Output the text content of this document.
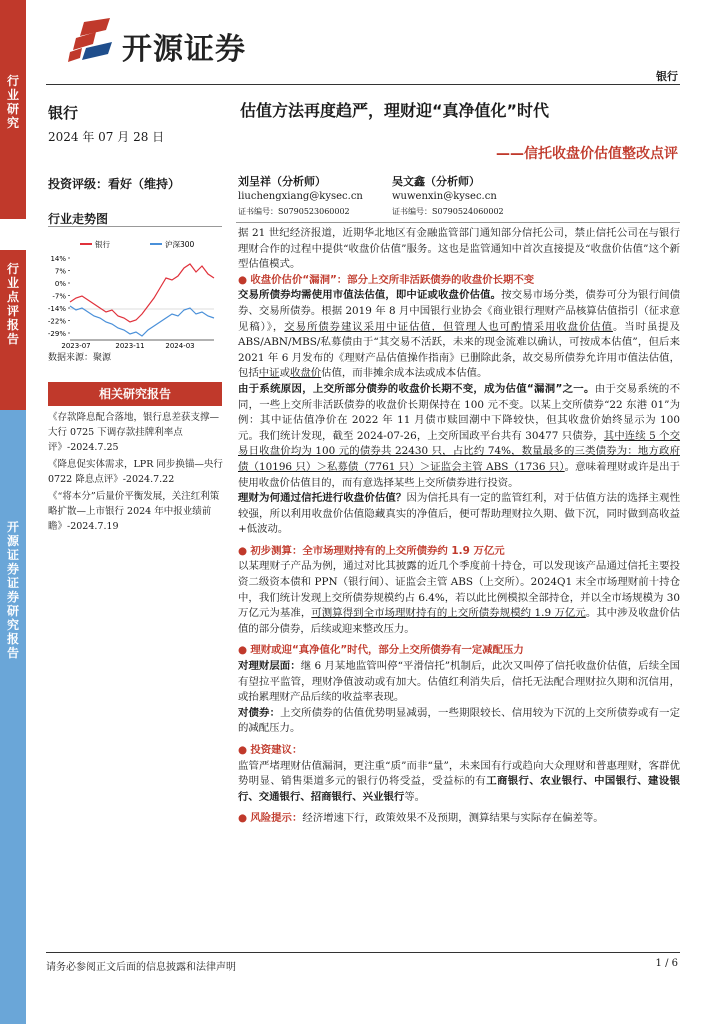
行
业
研
究
行
业
点
评
报
告
开
源
证
券
证
券
研
究
报
告
开源证券
银行
银行
2024 年 07 月 28 日
投资评级：看好（维持）
行业走势图
银行	沪深300
14%
7%
0%
-7%
-14%
-22%
-29%
2023-07	2023-11	2024-03
数据来源：聚源
相关研究报告
《存款降息配合落地，银行息差获支撑—大行 0725 下调存款挂牌利率点评》-2024.7.25
《降息促实体需求，LPR 同步换锚—央行 0722 降息点评》-2024.7.22
《“将本分”后量价平衡发展，关注红利策略扩散—上市银行 2024 年中报业绩前瞻》-2024.7.19
估值方法再度趋严，理财迎“真净值化”时代
——信托收盘价估值整改点评
刘呈祥（分析师）
liuchengxiang@kysec.cn
证书编号：S0790523060002
吴文鑫（分析师）
wuwenxin@kysec.cn
证书编号：S0790524060002

据 21 世纪经济报道，近期华北地区有金融监管部门通知部分信托公司，禁止信托公司在与银行理财合作的过程中提供“收盘价估值”服务。这也是监管通知中首次直接提及“收盘价估值”这个新型估值模式。

● 收盘价估价“漏洞”：部分上交所非活跃债券的收盘价长期不变

交易所债券均需使用市值法估值，即中证或收盘价估值。按交易市场分类，债券可分为银行间债券、交易所债券。根据 2019 年 8 月中国银行业协会《商业银行理财产品核算估值指引（征求意见稿）》，交易所债券建议采用中证估值，但管理人也可酌情采用收盘价估值。当时虽提及 ABS/ABN/MBS/私募债由于“其交易不活跃，未来的现金流难以确认，可按成本估值”，但后来 2021 年 6 月发布的《理财产品估值操作指南》已删除此条，故交易所债券允许用市值法估值，包括中证或收盘价估值，而非摊余成本法或成本估值。

由于系统原因，上交所部分债券的收盘价长期不变，成为估值“漏洞”之一。由于交易系统的不同，一些上交所非活跃债券的收盘价长期保持在 100 元不变。以某上交所债券“22 东港 01”为例：其中证估值净价在 2022 年 11 月债市赎回潮中下降较快，但其收盘价始终显示为 100 元。我们统计发现，截至 2024-07-26，上交所国政平台共有 30477 只债券，其中连续 5 个交易日收盘价均为 100 元的债券共 22430 只，占比约 74%，数量最多的三类债券为：地方政府债（10196 只）＞私募债（7761 只）＞证监会主管 ABS（1736 只）。意味着理财或许是出于使用收盘价估值目的，而有意选择某些上交所债券进行投资。

理财为何通过信托进行收盘价估值？因为信托具有一定的监管红利，对于估值方法的选择主观性较强，所以利用收盘价估值隐藏真实的净值后，便可帮助理财拉久期、做下沉，同时做到高收益+低波动。

● 初步测算：全市场理财持有的上交所债券约 1.9 万亿元

以某理财子产品为例，通过对比其披露的近几个季度前十持仓，可以发现该产品通过信托主要投资二级资本债和 PPN（银行间）、证监会主管 ABS（上交所）。2024Q1 末全市场理财前十持仓中，我们统计发现上交所债券规模约占 6.4%，若以此比例模拟全部持仓，并以全市场规模为 30 万亿元为基准，可测算得到全市场理财持有的上交所债券规模约 1.9 万亿元。其中涉及收盘价估值的部分债券，后续或迎来整改压力。

● 理财或迎“真净值化”时代，部分上交所债券有一定减配压力

对理财层面：继 6 月某地监管叫停“平滑信托”机制后，此次又叫停了信托收盘价估值，后续全国有望拉平监管，理财净值波动或有加大。估值红利消失后，信托无法配合理财拉久期和沉信用，或抬累理财产品后续的收益率表现。

对债券：上交所债券的估值优势明显减弱，一些期限较长、信用较为下沉的上交所债券或有一定的减配压力。

● 投资建议：

监管严堵理财估值漏洞，更注重“质”而非“量”，未来国有行或趋向大众理财和普惠理财，客群优势明显、销售渠道多元的银行仍将受益，受益标的有工商银行、农业银行、中国银行、建设银行、交通银行、招商银行、兴业银行等。

● 风险提示：经济增速下行，政策效果不及预期，测算结果与实际存在偏差等。

请务必参阅正文后面的信息披露和法律声明	1 / 6
